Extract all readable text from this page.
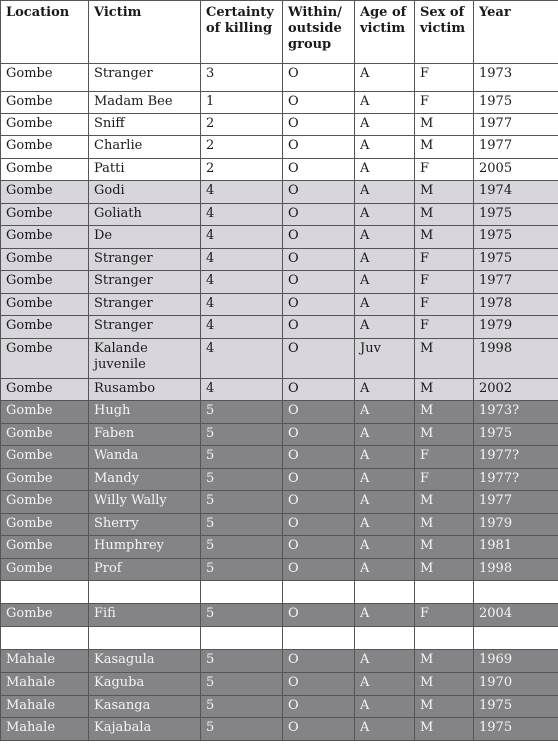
Location	Victim	Certainty of killing	Within/ outside group	Age of victim	Sex of victim	Year
Gombe	Stranger	3	O	A	F	1973
Gombe	Madam Bee	1	O	A	F	1975
Gombe	Sniff	2	O	A	M	1977
Gombe	Charlie	2	O	A	M	1977
Gombe	Patti	2	O	A	F	2005
Gombe	Godi	4	O	A	M	1974
Gombe	Goliath	4	O	A	M	1975
Gombe	De	4	O	A	M	1975
Gombe	Stranger	4	O	A	F	1975
Gombe	Stranger	4	O	A	F	1977
Gombe	Stranger	4	O	A	F	1978
Gombe	Stranger	4	O	A	F	1979
Gombe	Kalande juvenile	4	O	Juv	M	1998
Gombe	Rusambo	4	O	A	M	2002
Gombe	Hugh	5	O	A	M	1973?
Gombe	Faben	5	O	A	M	1975
Gombe	Wanda	5	O	A	F	1977?
Gombe	Mandy	5	O	A	F	1977?
Gombe	Willy Wally	5	O	A	M	1977
Gombe	Sherry	5	O	A	M	1979
Gombe	Humphrey	5	O	A	M	1981
Gombe	Prof	5	O	A	M	1998

Gombe	Fifi	5	O	A	F	2004

Mahale	Kasagula	5	O	A	M	1969
Mahale	Kaguba	5	O	A	M	1970
Mahale	Kasanga	5	O	A	M	1975
Mahale	Kajabala	5	O	A	M	1975
